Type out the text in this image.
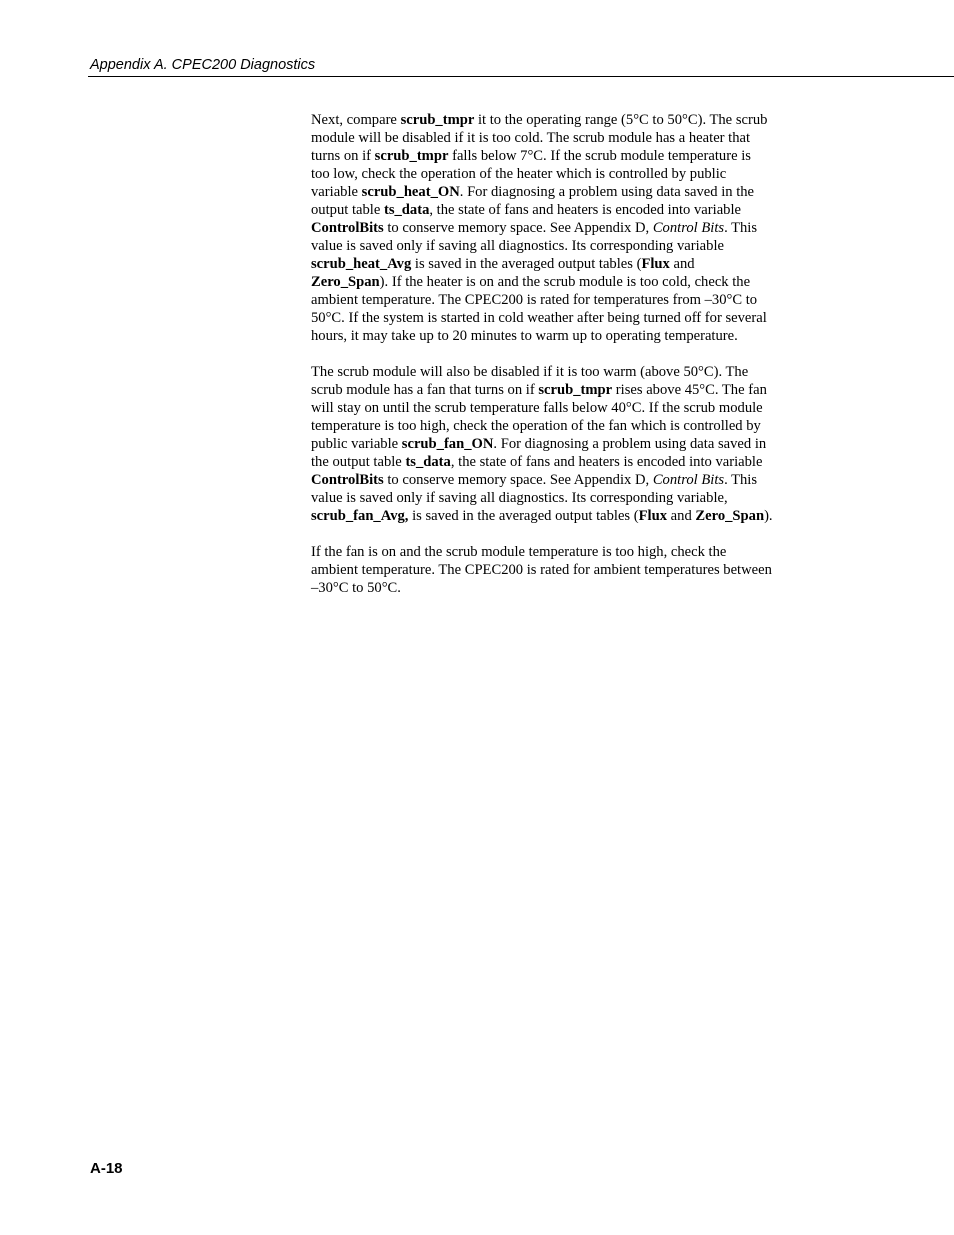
Appendix A. CPEC200 Diagnostics

Next, compare scrub_tmpr it to the operating range (5°C to 50°C). The scrub
module will be disabled if it is too cold. The scrub module has a heater that
turns on if scrub_tmpr falls below 7°C. If the scrub module temperature is
too low, check the operation of the heater which is controlled by public
variable scrub_heat_ON. For diagnosing a problem using data saved in the
output table ts_data, the state of fans and heaters is encoded into variable
ControlBits to conserve memory space. See Appendix D, Control Bits. This
value is saved only if saving all diagnostics. Its corresponding variable
scrub_heat_Avg is saved in the averaged output tables (Flux and
Zero_Span). If the heater is on and the scrub module is too cold, check the
ambient temperature. The CPEC200 is rated for temperatures from –30°C to
50°C. If the system is started in cold weather after being turned off for several
hours, it may take up to 20 minutes to warm up to operating temperature.

The scrub module will also be disabled if it is too warm (above 50°C). The
scrub module has a fan that turns on if scrub_tmpr rises above 45°C. The fan
will stay on until the scrub temperature falls below 40°C. If the scrub module
temperature is too high, check the operation of the fan which is controlled by
public variable scrub_fan_ON. For diagnosing a problem using data saved in
the output table ts_data, the state of fans and heaters is encoded into variable
ControlBits to conserve memory space. See Appendix D, Control Bits. This
value is saved only if saving all diagnostics. Its corresponding variable,
scrub_fan_Avg, is saved in the averaged output tables (Flux and Zero_Span).

If the fan is on and the scrub module temperature is too high, check the
ambient temperature. The CPEC200 is rated for ambient temperatures between
–30°C to 50°C.

A-18
